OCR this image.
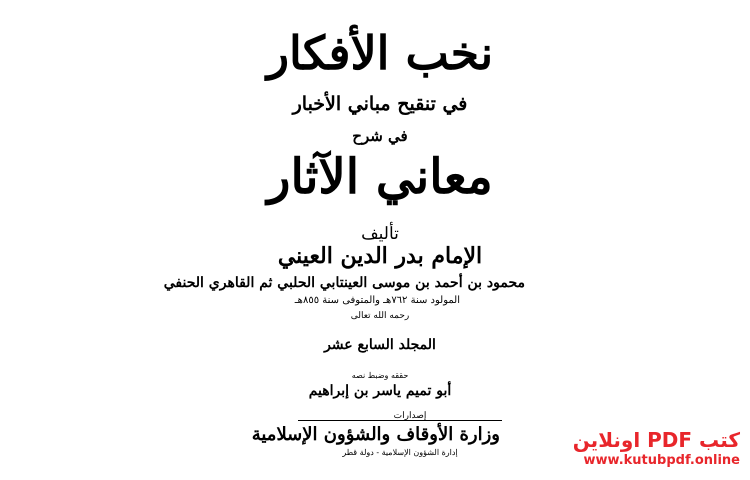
نخب الأفكار
في تنقيح مباني الأخبار
في شرح
معاني الآثار
تأليف
الإمام بدر الدين العيني
محمود بن أحمد بن موسى العينتابي الحلبي ثم القاهري الحنفي
المولود سنة ٧٦٢هـ والمتوفى سنة ٨٥٥هـ
رحمه الله تعالى
المجلد السابع عشر
حققه وضبط نصه
أبو تميم ياسر بن إبراهيم
إصدارات
وزارة الأوقاف والشؤون الإسلامية
إدارة الشؤون الإسلامية - دولة قطر
كتب PDF اونلاين
www.kutubpdf.online
